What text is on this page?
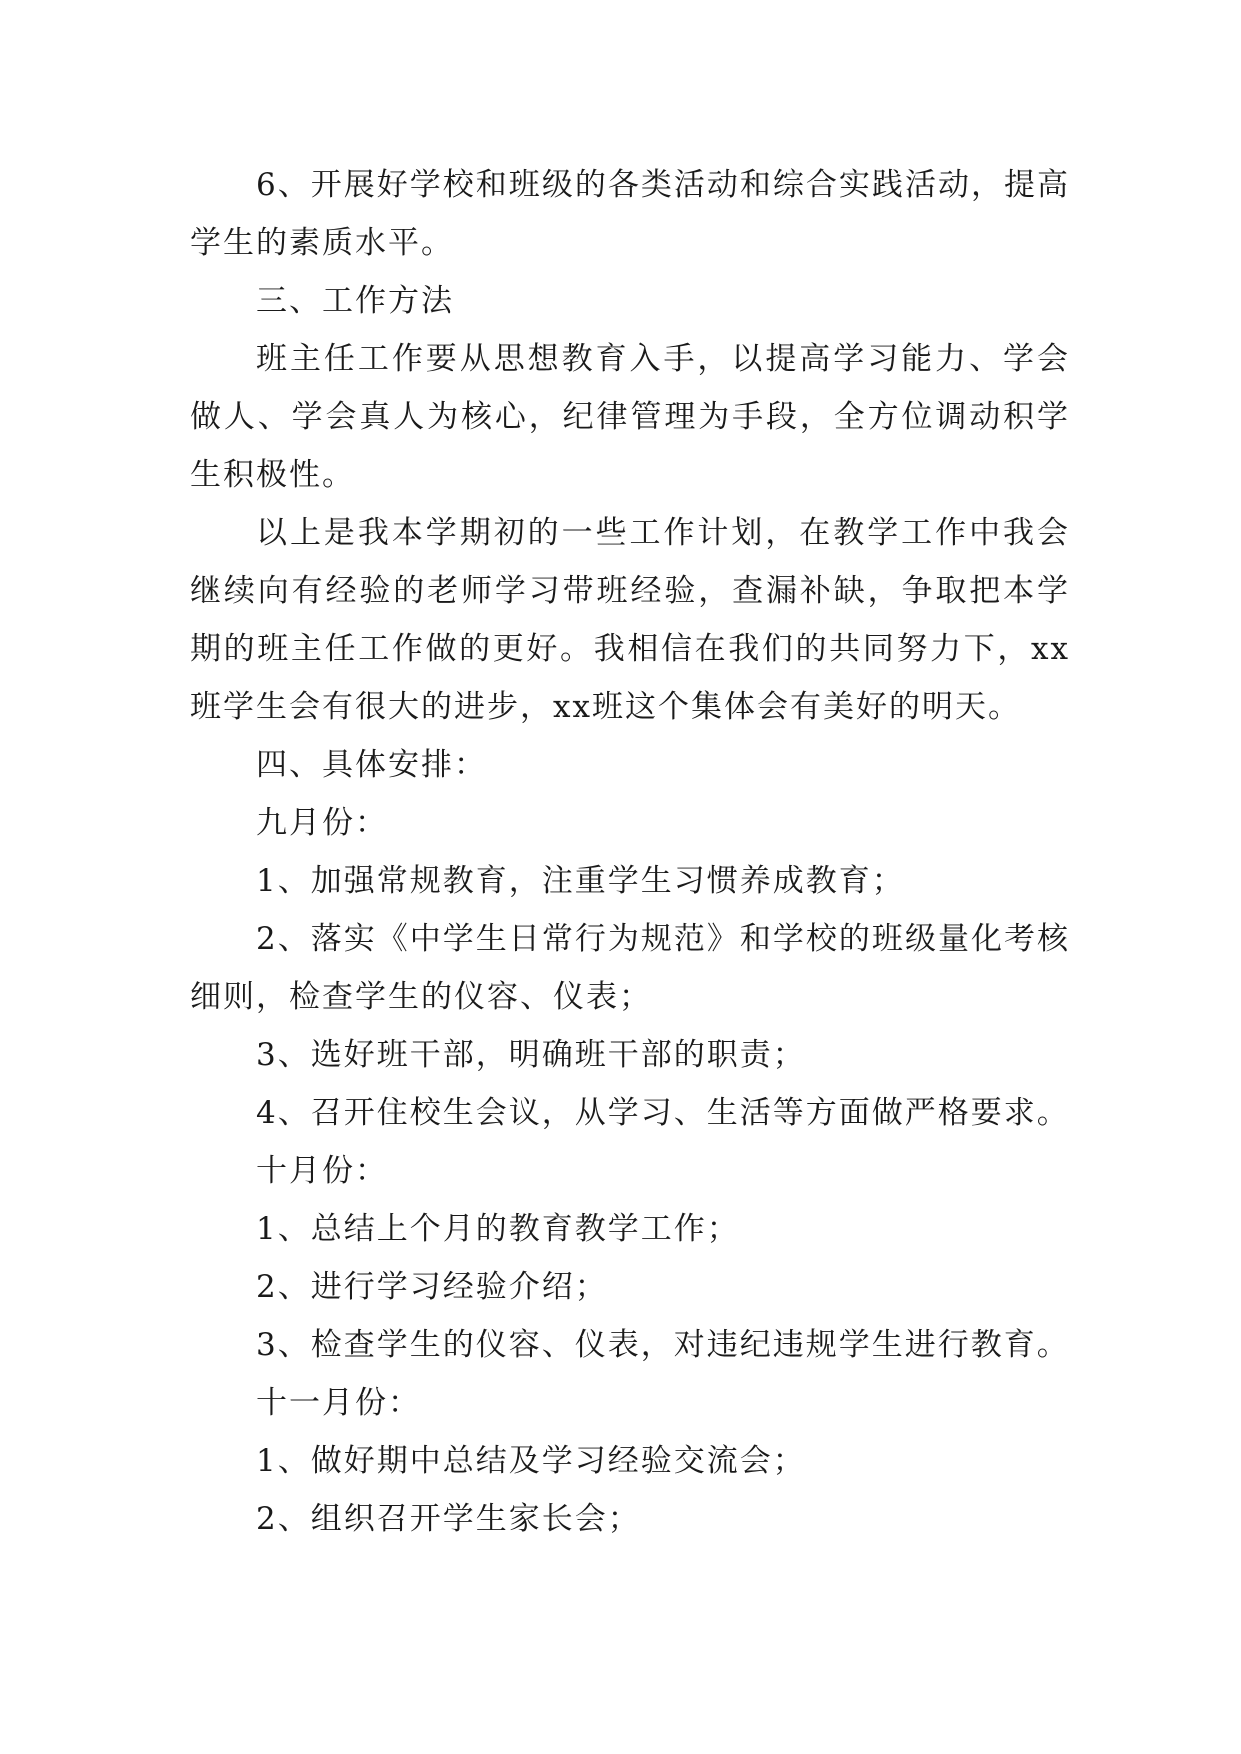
6、开展好学校和班级的各类活动和综合实践活动，提高学生的素质水平。

三、工作方法

班主任工作要从思想教育入手，以提高学习能力、学会做人、学会真人为核心，纪律管理为手段，全方位调动积学生积极性。

以上是我本学期初的一些工作计划，在教学工作中我会继续向有经验的老师学习带班经验，查漏补缺，争取把本学期的班主任工作做的更好。我相信在我们的共同努力下，xx班学生会有很大的进步，xx班这个集体会有美好的明天。

四、具体安排：

九月份：

1、加强常规教育，注重学生习惯养成教育；

2、落实《中学生日常行为规范》和学校的班级量化考核细则，检查学生的仪容、仪表；

3、选好班干部，明确班干部的职责；

4、召开住校生会议，从学习、生活等方面做严格要求。

十月份：

1、总结上个月的教育教学工作；

2、进行学习经验介绍；

3、检查学生的仪容、仪表，对违纪违规学生进行教育。

十一月份：

1、做好期中总结及学习经验交流会；

2、组织召开学生家长会；
